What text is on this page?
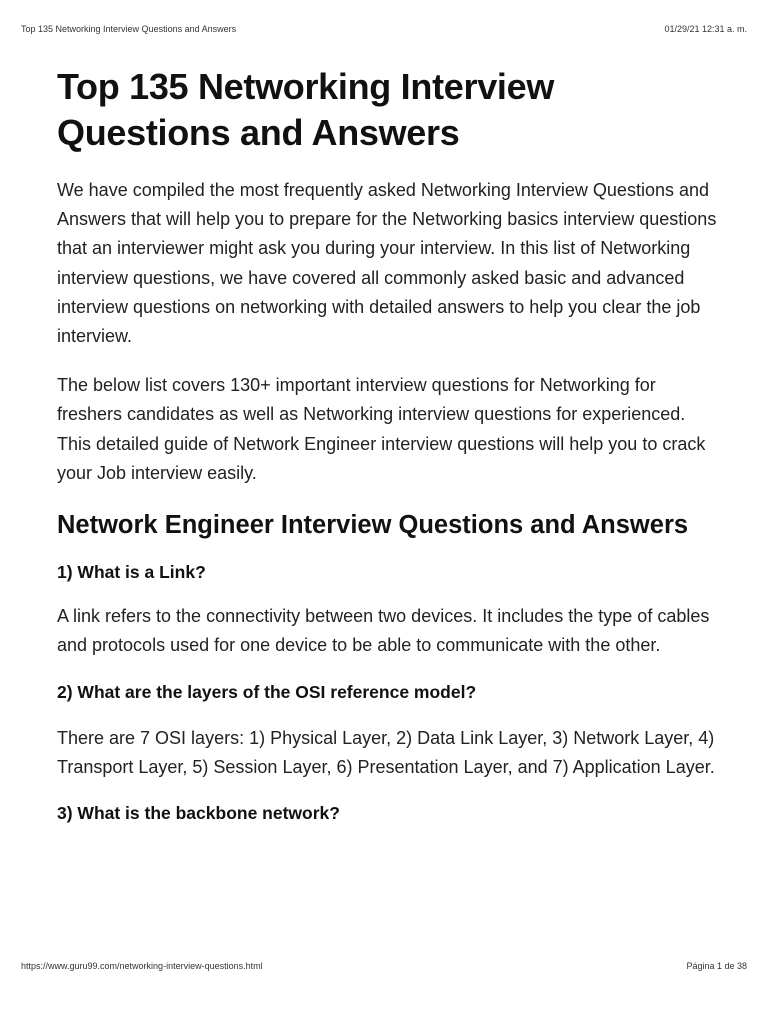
Top 135 Networking Interview Questions and Answers	01/29/21 12:31 a. m.
Top 135 Networking Interview Questions and Answers

We have compiled the most frequently asked Networking Interview Questions and Answers that will help you to prepare for the Networking basics interview questions that an interviewer might ask you during your interview. In this list of Networking interview questions, we have covered all commonly asked basic and advanced interview questions on networking with detailed answers to help you clear the job interview.

The below list covers 130+ important interview questions for Networking for freshers candidates as well as Networking interview questions for experienced. This detailed guide of Network Engineer interview questions will help you to crack your Job interview easily.

Network Engineer Interview Questions and Answers
1) What is a Link?

A link refers to the connectivity between two devices. It includes the type of cables and protocols used for one device to be able to communicate with the other.

2) What are the layers of the OSI reference model?

There are 7 OSI layers: 1) Physical Layer, 2) Data Link Layer, 3) Network Layer, 4) Transport Layer, 5) Session Layer, 6) Presentation Layer, and 7) Application Layer.

3) What is the backbone network?
https://www.guru99.com/networking-interview-questions.html	Página 1 de 38
